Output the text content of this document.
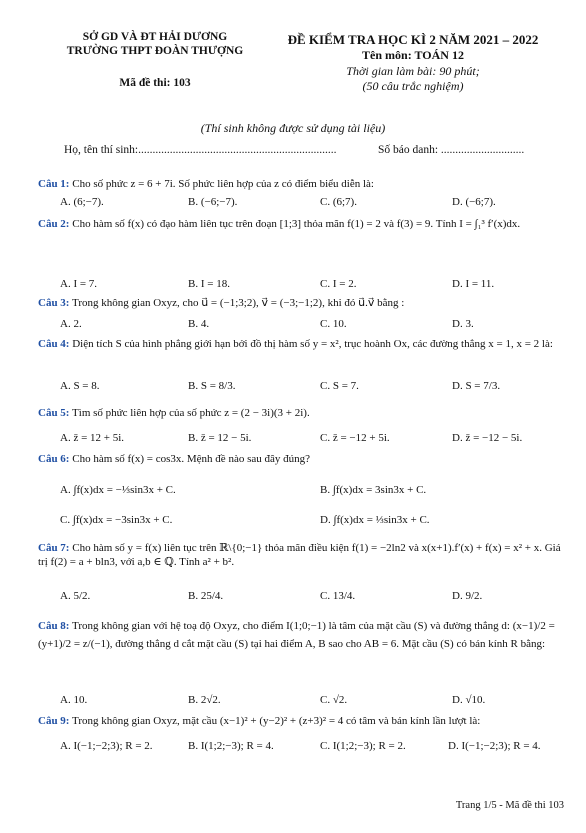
SỞ GD VÀ ĐT HẢI DƯƠNG
TRƯỜNG THPT ĐOÀN THƯỢNG
Mã đề thi: 103
ĐỀ KIỂM TRA HỌC KÌ 2 NĂM 2021 – 2022
Tên môn: TOÁN 12
Thời gian làm bài: 90 phút;
(50 câu trắc nghiệm)
(Thí sinh không được sử dụng tài liệu)
Họ, tên thí sinh:.....................................................................	Số báo danh: .............................
Câu 1: Cho số phức z = 6 + 7i. Số phức liên hợp của z có điểm biểu diễn là:
A. (6;−7).	B. (−6;−7).	C. (6;7).	D. (−6;7).
Câu 2: Cho hàm số f(x) có đạo hàm liên tục trên đoạn [1;3] thỏa mãn f(1) = 2 và f(3) = 9. Tính I = ∫₁³ f′(x)dx.
A. I = 7.	B. I = 18.	C. I = 2.	D. I = 11.
Câu 3: Trong không gian Oxyz, cho u⃗ = (−1;3;2), v⃗ = (−3;−1;2), khi đó u⃗.v⃗ bằng :
A. 2.	B. 4.	C. 10.	D. 3.
Câu 4: Diện tích S của hình phẳng giới hạn bởi đồ thị hàm số y = x², trục hoành Ox, các đường thẳng x = 1, x = 2 là:
A. S = 8.	B. S = 8/3.	C. S = 7.	D. S = 7/3.
Câu 5: Tìm số phức liên hợp của số phức z = (2 − 3i)(3 + 2i).
A. z̄ = 12 + 5i.	B. z̄ = 12 − 5i.	C. z̄ = −12 + 5i.	D. z̄ = −12 − 5i.
Câu 6: Cho hàm số f(x) = cos3x. Mệnh đề nào sau đây đúng?
A. ∫f(x)dx = −⅓sin3x + C.	B. ∫f(x)dx = 3sin3x + C.
C. ∫f(x)dx = −3sin3x + C.	D. ∫f(x)dx = ⅓sin3x + C.
Câu 7: Cho hàm số y = f(x) liên tục trên ℝ\{0;−1} thỏa mãn điều kiện f(1) = −2ln2 và x(x+1).f′(x) + f(x) = x² + x. Giá trị f(2) = a + bln3, với a,b ∈ ℚ. Tính a² + b².
A. 5/2.	B. 25/4.	C. 13/4.	D. 9/2.
Câu 8: Trong không gian với hệ toạ độ Oxyz, cho điểm I(1;0;−1) là tâm của mặt cầu (S) và đường thẳng d: (x−1)/2 = (y+1)/2 = z/(−1), đường thẳng d cắt mặt cầu (S) tại hai điểm A, B sao cho AB = 6. Mặt cầu (S) có bán kính R bằng:
A. 10.	B. 2√2.	C. √2.	D. √10.
Câu 9: Trong không gian Oxyz, mặt cầu (x−1)² + (y−2)² + (z+3)² = 4 có tâm và bán kính lần lượt là:
A. I(−1;−2;3); R = 2.	B. I(1;2;−3); R = 4.	C. I(1;2;−3); R = 2.	D. I(−1;−2;3); R = 4.
Trang 1/5 - Mã đề thi 103
